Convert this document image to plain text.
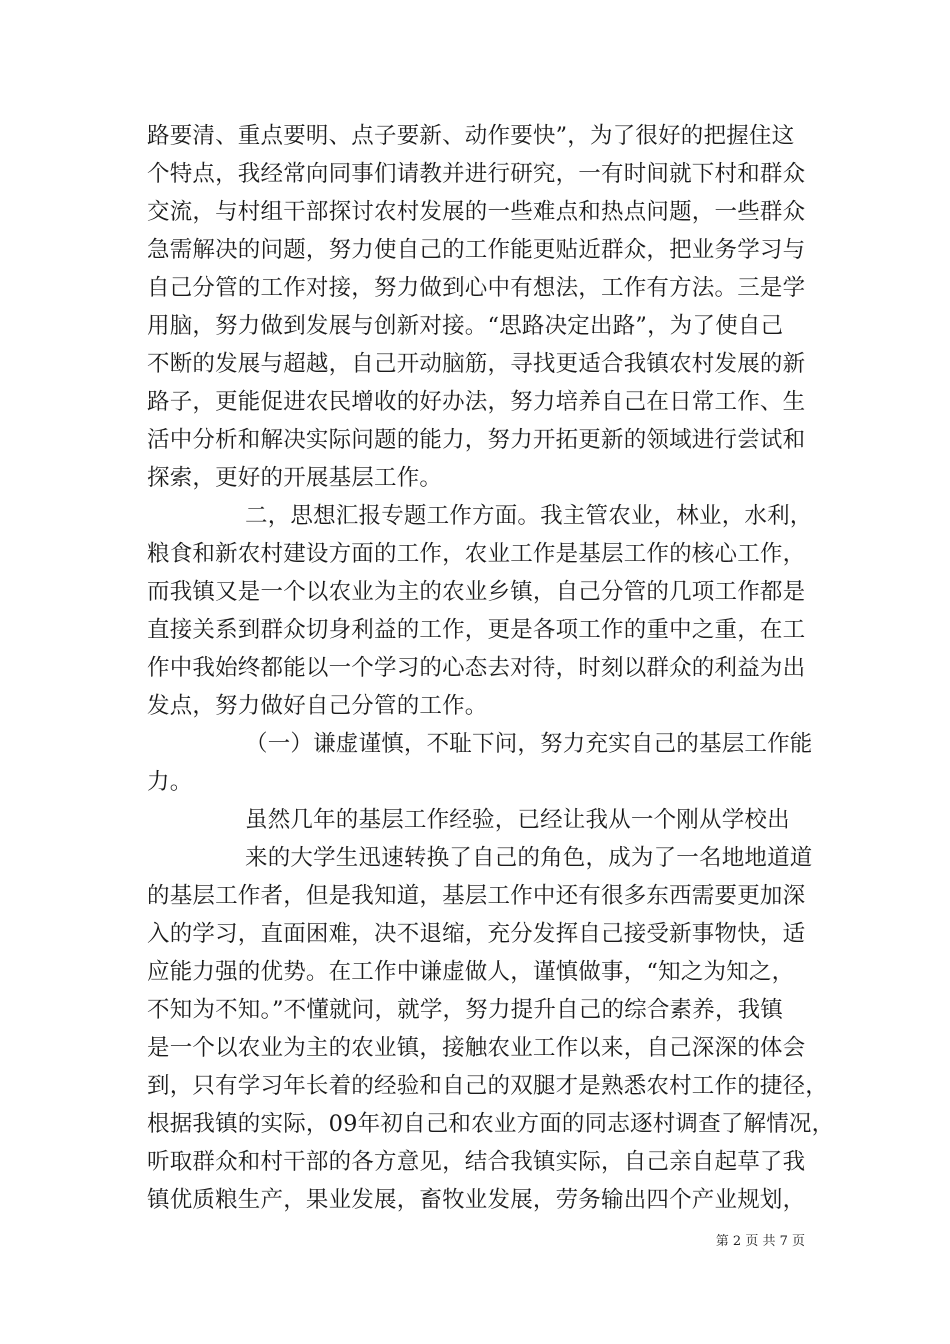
路要清、重点要明、点子要新、动作要快”，为了很好的把握住这
个特点，我经常向同事们请教并进行研究，一有时间就下村和群众
交流，与村组干部探讨农村发展的一些难点和热点问题，一些群众
急需解决的问题，努力使自己的工作能更贴近群众，把业务学习与
自己分管的工作对接，努力做到心中有想法，工作有方法。三是学
用脑，努力做到发展与创新对接。“思路决定出路”，为了使自己
不断的发展与超越，自己开动脑筋，寻找更适合我镇农村发展的新
路子，更能促进农民增收的好办法，努力培养自己在日常工作、生
活中分析和解决实际问题的能力，努力开拓更新的领域进行尝试和
探索，更好的开展基层工作。
二，思想汇报专题工作方面。我主管农业，林业，水利，
粮食和新农村建设方面的工作，农业工作是基层工作的核心工作，
而我镇又是一个以农业为主的农业乡镇，自己分管的几项工作都是
直接关系到群众切身利益的工作，更是各项工作的重中之重，在工
作中我始终都能以一个学习的心态去对待，时刻以群众的利益为出
发点，努力做好自己分管的工作。
（一）谦虚谨慎，不耻下问，努力充实自己的基层工作能
力。
虽然几年的基层工作经验，已经让我从一个刚从学校出
来的大学生迅速转换了自己的角色，成为了一名地地道道
的基层工作者，但是我知道，基层工作中还有很多东西需要更加深
入的学习，直面困难，决不退缩，充分发挥自己接受新事物快，适
应能力强的优势。在工作中谦虚做人，谨慎做事，“知之为知之，
不知为不知。”不懂就问，就学，努力提升自己的综合素养，我镇
是一个以农业为主的农业镇，接触农业工作以来，自己深深的体会
到，只有学习年长着的经验和自己的双腿才是熟悉农村工作的捷径，
根据我镇的实际，09年初自己和农业方面的同志逐村调查了解情况，
听取群众和村干部的各方意见，结合我镇实际，自己亲自起草了我
镇优质粮生产，果业发展，畜牧业发展，劳务输出四个产业规划，
第 2 页 共 7 页
